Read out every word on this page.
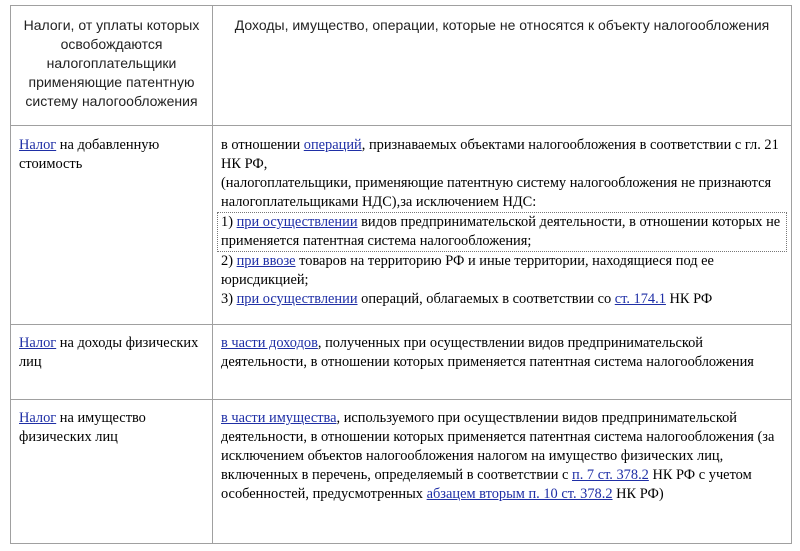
Налоги, от уплаты которых освобождаются налогоплательщики применяющие патентную систему налогообложения	Доходы, имущество, операции, которые не относятся к объекту налогообложения
Налог на добавленную стоимость	в отношении операций, признаваемых объектами налогообложения в соответствии с гл. 21 НК РФ,
(налогоплательщики, применяющие патентную систему налогообложения не признаются налогоплательщиками НДС),за исключением НДС:
1) при осуществлении видов предпринимательской деятельности, в отношении которых не применяется патентная система налогообложения;
2) при ввозе товаров на территорию РФ и иные территории, находящиеся под ее юрисдикцией;
3) при осуществлении операций, облагаемых в соответствии со ст. 174.1 НК РФ

Налог на доходы физических лиц	в части доходов, полученных при осуществлении видов предпринимательской деятельности, в отношении которых применяется патентная система налогообложения
Налог на имущество физических лиц	в части имущества, используемого при осуществлении видов предпринимательской деятельности, в отношении которых применяется патентная система налогообложения (за исключением объектов налогообложения налогом на имущество физических лиц, включенных в перечень, определяемый в соответствии с п. 7 ст. 378.2 НК РФ с учетом особенностей, предусмотренных абзацем вторым п. 10 ст. 378.2 НК РФ)
